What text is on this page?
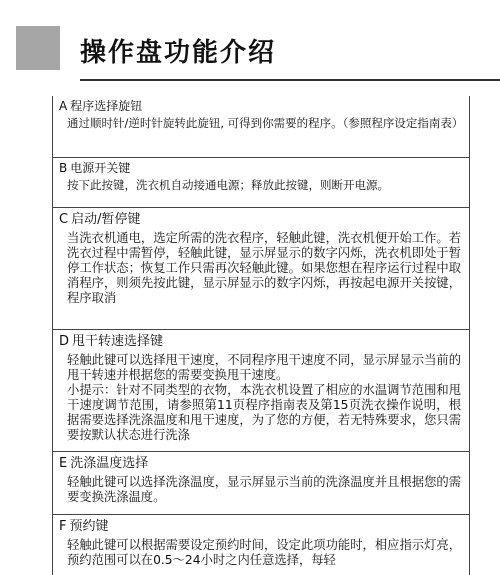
操作盘功能介绍
A 程序选择旋钮

通过顺时针/逆时针旋转此旋钮, 可得到你需要的程序。（参照程序设定指南表）

B 电源开关键

按下此按键，洗衣机自动接通电源；释放此按键，则断开电源。

C 启动/暂停键

当洗衣机通电，选定所需的洗衣程序，轻触此键，洗衣机便开始工作。若洗衣过程中需暂停，轻触此键，显示屏显示的数字闪烁，洗衣机即处于暂停工作状态；恢复工作只需再次轻触此键。如果您想在程序运行过程中取消程序，则须先按此键，显示屏显示的数字闪烁，再按起电源开关按键，程序取消

D 甩干转速选择键

轻触此键可以选择甩干速度，不同程序甩干速度不同，显示屏显示当前的甩干转速并根据您的需要变换甩干速度。

小提示：针对不同类型的衣物，本洗衣机设置了相应的水温调节范围和甩干速度调节范围，请参照第11页程序指南表及第15页洗衣操作说明，根据需要选择洗涤温度和甩干速度，为了您的方便，若无特殊要求，您只需要按默认状态进行洗涤

E 洗涤温度选择

轻触此键可以选择洗涤温度，显示屏显示当前的洗涤温度并且根据您的需要变换洗涤温度。

F 预约键

轻触此键可以根据需要设定预约时间，设定此项功能时，相应指示灯亮，预约范围可以在0.5～24小时之内任意选择，每轻
